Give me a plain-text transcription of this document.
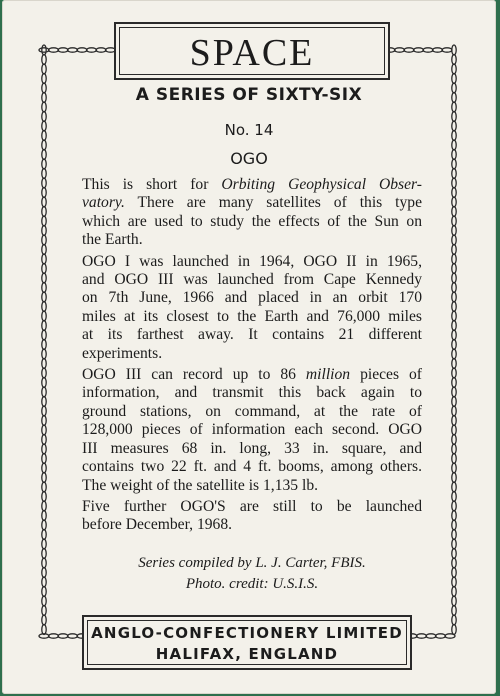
SPACE
A SERIES OF SIXTY-SIX
No. 14
OGO

This is short for Orbiting Geophysical Obser-
vatory. There are many satellites of this type
which are used to study the effects of the Sun on
the Earth.

OGO I was launched in 1964, OGO II in 1965,
and OGO III was launched from Cape Kennedy
on 7th June, 1966 and placed in an orbit 170
miles at its closest to the Earth and 76,000 miles
at its farthest away. It contains 21 different
experiments.

OGO III can record up to 86 million pieces of
information, and transmit this back again to
ground stations, on command, at the rate of
128,000 pieces of information each second. OGO
III measures 68 in. long, 33 in. square, and
contains two 22 ft. and 4 ft. booms, among others.
The weight of the satellite is 1,135 lb.

Five further OGO'S are still to be launched
before December, 1968.

Series compiled by L. J. Carter, FBIS.
Photo. credit: U.S.I.S.
ANGLO-CONFECTIONERY LIMITED
HALIFAX, ENGLAND
